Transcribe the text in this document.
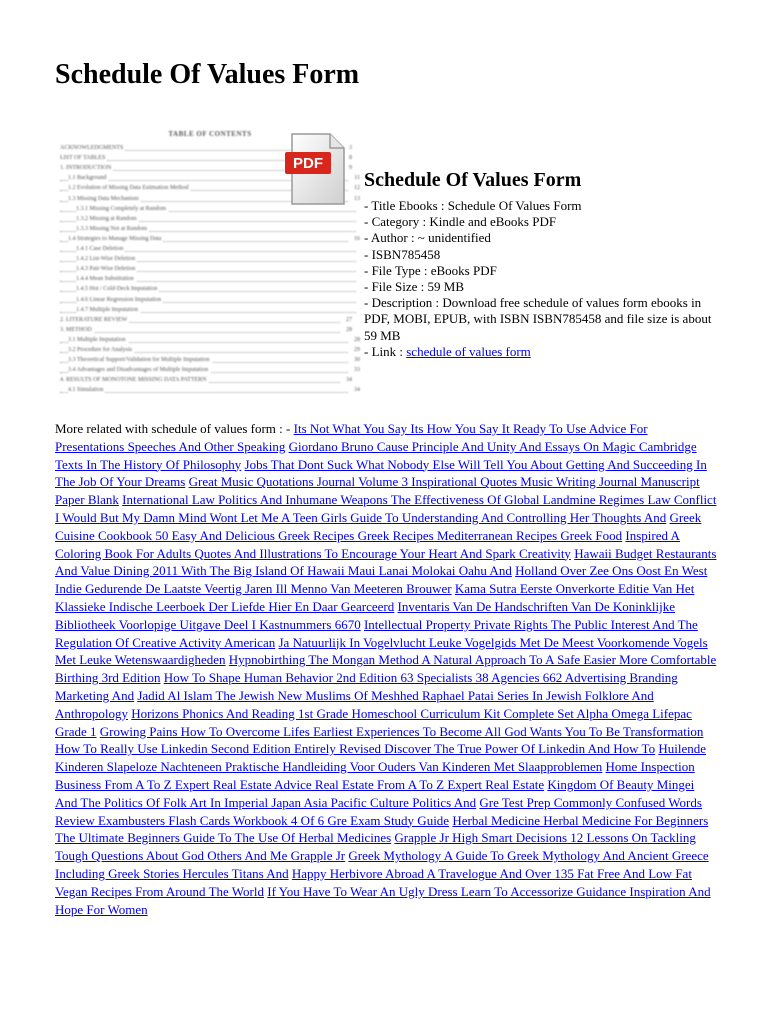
Schedule Of Values Form
TABLE OF CONTENTS
ACKNOWLEDGMENTS	3
LIST OF TABLES	8
1. INTRODUCTION	9
1.1 Background	11
1.2 Evolution of Missing Data Estimation Method	12
1.3 Missing Data Mechanism	13
1.3.1 Missing Completely at Random
1.3.2 Missing at Random
1.3.3 Missing Not at Random
1.4 Strategies to Manage Missing Data	16
1.4.1 Case Deletion
1.4.2 List-Wise Deletion
1.4.3 Pair-Wise Deletion
1.4.4 Mean Substitution
1.4.5 Hot / Cold-Deck Imputation
1.4.6 Linear Regression Imputation
1.4.7 Multiple Imputation
2. LITERATURE REVIEW	27
3. METHOD	28
3.1 Multiple Imputation	28
3.2 Procedure for Analysis	29
3.3 Theoretical Support/Validation for Multiple Imputation	30
3.4 Advantages and Disadvantages of Multiple Imputation	33
4. RESULTS OF MONOTONE MISSING DATA PATTERN	34
4.1 Simulation	34
PDF
Schedule Of Values Form
- Title Ebooks : Schedule Of Values Form
- Category : Kindle and eBooks PDF
- Author : ~ unidentified
- ISBN785458
- File Type : eBooks PDF
- File Size : 59 MB
- Description : Download free schedule of values form ebooks in PDF, MOBI, EPUB, with ISBN ISBN785458 and file size is about 59 MB
- Link : schedule of values form

More related with schedule of values form : - Its Not What You Say Its How You Say It Ready To Use Advice For Presentations Speeches And Other Speaking Giordano Bruno Cause Principle And Unity And Essays On Magic Cambridge Texts In The History Of Philosophy Jobs That Dont Suck What Nobody Else Will Tell You About Getting And Succeeding In The Job Of Your Dreams Great Music Quotations Journal Volume 3 Inspirational Quotes Music Writing Journal Manuscript Paper Blank International Law Politics And Inhumane Weapons The Effectiveness Of Global Landmine Regimes Law Conflict I Would But My Damn Mind Wont Let Me A Teen Girls Guide To Understanding And Controlling Her Thoughts And Greek Cuisine Cookbook 50 Easy And Delicious Greek Recipes Greek Recipes Mediterranean Recipes Greek Food Inspired A Coloring Book For Adults Quotes And Illustrations To Encourage Your Heart And Spark Creativity Hawaii Budget Restaurants And Value Dining 2011 With The Big Island Of Hawaii Maui Lanai Molokai Oahu And Holland Over Zee Ons Oost En West Indie Gedurende De Laatste Veertig Jaren Ill Menno Van Meeteren Brouwer Kama Sutra Eerste Onverkorte Editie Van Het Klassieke Indische Leerboek Der Liefde Hier En Daar Gearceerd Inventaris Van De Handschriften Van De Koninklijke Bibliotheek Voorlopige Uitgave Deel I Kastnummers 6670 Intellectual Property Private Rights The Public Interest And The Regulation Of Creative Activity American Ja Natuurlijk In Vogelvlucht Leuke Vogelgids Met De Meest Voorkomende Vogels Met Leuke Wetenswaardigheden Hypnobirthing The Mongan Method A Natural Approach To A Safe Easier More Comfortable Birthing 3rd Edition How To Shape Human Behavior 2nd Edition 63 Specialists 38 Agencies 662 Advertising Branding Marketing And Jadid Al Islam The Jewish New Muslims Of Meshhed Raphael Patai Series In Jewish Folklore And Anthropology Horizons Phonics And Reading 1st Grade Homeschool Curriculum Kit Complete Set Alpha Omega Lifepac Grade 1 Growing Pains How To Overcome Lifes Earliest Experiences To Become All God Wants You To Be Transformation How To Really Use Linkedin Second Edition Entirely Revised Discover The True Power Of Linkedin And How To Huilende Kinderen Slapeloze Nachteneen Praktische Handleiding Voor Ouders Van Kinderen Met Slaapproblemen Home Inspection Business From A To Z Expert Real Estate Advice Real Estate From A To Z Expert Real Estate Kingdom Of Beauty Mingei And The Politics Of Folk Art In Imperial Japan Asia Pacific Culture Politics And Gre Test Prep Commonly Confused Words Review Exambusters Flash Cards Workbook 4 Of 6 Gre Exam Study Guide Herbal Medicine Herbal Medicine For Beginners The Ultimate Beginners Guide To The Use Of Herbal Medicines Grapple Jr High Smart Decisions 12 Lessons On Tackling Tough Questions About God Others And Me Grapple Jr Greek Mythology A Guide To Greek Mythology And Ancient Greece Including Greek Stories Hercules Titans And Happy Herbivore Abroad A Travelogue And Over 135 Fat Free And Low Fat Vegan Recipes From Around The World If You Have To Wear An Ugly Dress Learn To Accessorize Guidance Inspiration And Hope For Women
